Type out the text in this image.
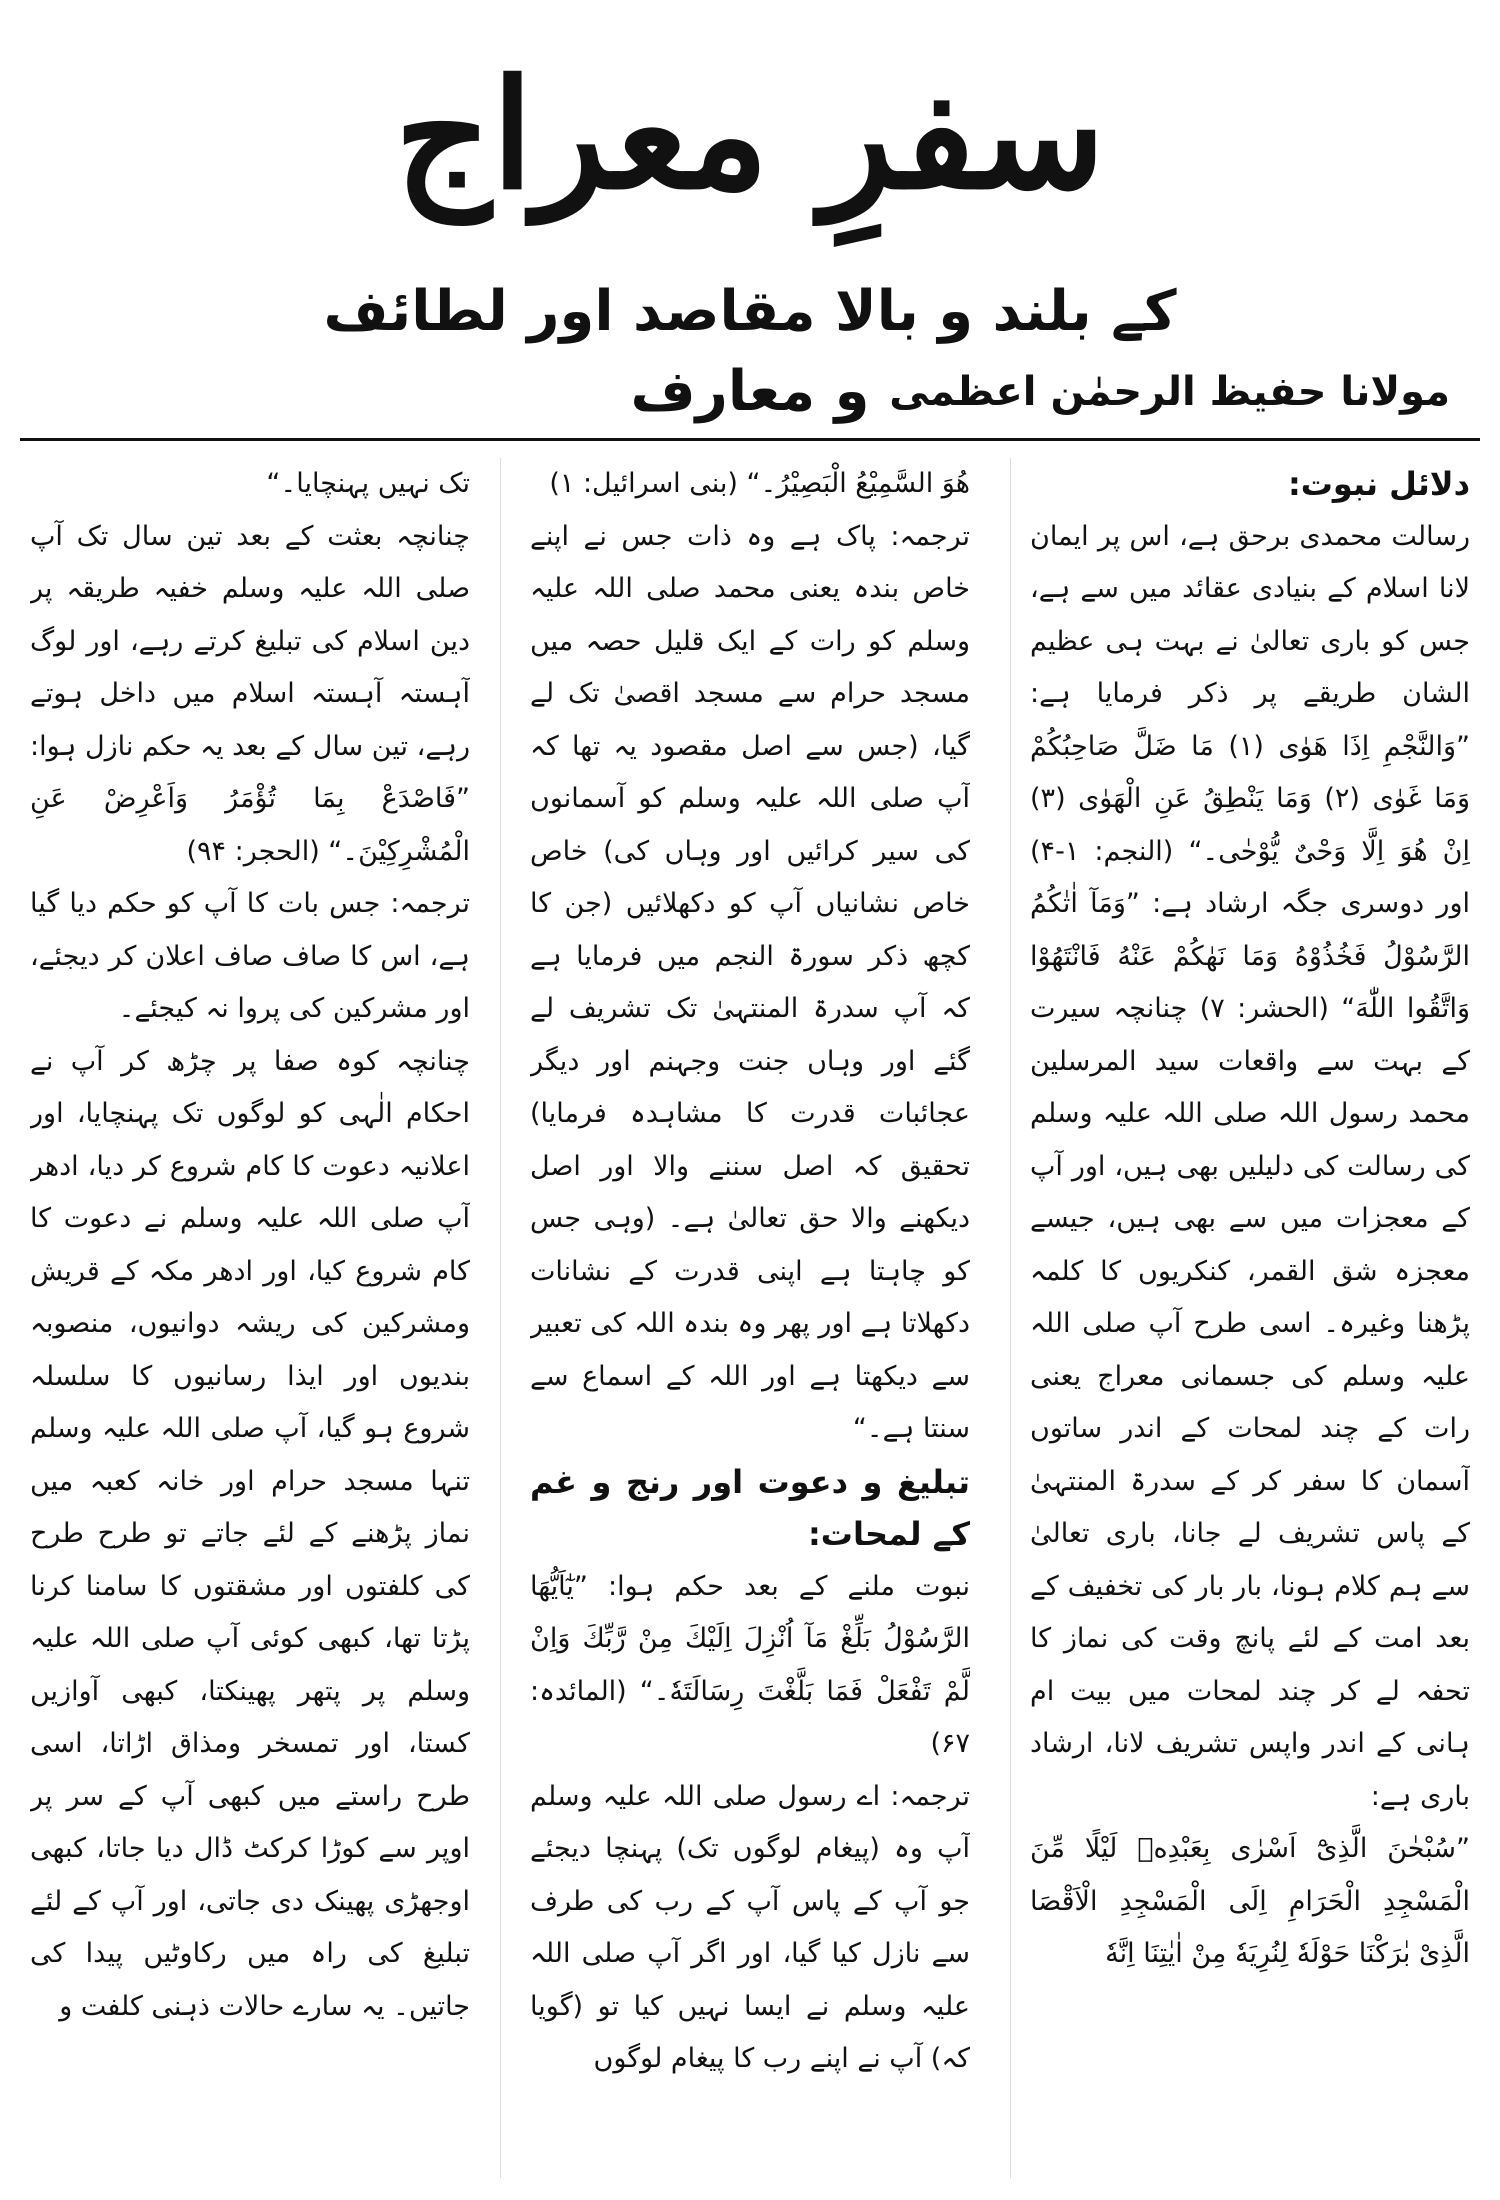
سفرِ معراج
کے بلند و بالا مقاصد اور لطائف و معارف مولانا حفیظ الرحمٰن اعظمی

دلائل نبوت:

رسالت محمدی برحق ہے، اس پر ایمان لانا اسلام کے بنیادی عقائد میں سے ہے، جس کو باری تعالیٰ نے بہت ہی عظیم الشان طریقے پر ذکر فرمایا ہے: ”وَالنَّجْمِ اِذَا هَوٰى (۱) مَا ضَلَّ صَاحِبُكُمْ وَمَا غَوٰى (۲) وَمَا يَنْطِقُ عَنِ الْهَوٰى (۳) اِنْ هُوَ اِلَّا وَحْیٌ يُّوْحٰى۔“ (النجم: ۱-۴) اور دوسری جگہ ارشاد ہے: ”وَمَآ اٰتٰكُمُ الرَّسُوْلُ فَخُذُوْهُ وَمَا نَهٰكُمْ عَنْهُ فَانْتَهُوْا وَاتَّقُوا اللّٰهَ“ (الحشر: ۷) چنانچہ سیرت کے بہت سے واقعات سید المرسلین محمد رسول اللہ صلی اللہ علیہ وسلم کی رسالت کی دلیلیں بھی ہیں، اور آپ کے معجزات میں سے بھی ہیں، جیسے معجزہ شق القمر، کنکریوں کا کلمہ پڑھنا وغیرہ۔ اسی طرح آپ صلی اللہ علیہ وسلم کی جسمانی معراج یعنی رات کے چند لمحات کے اندر ساتوں آسمان کا سفر کر کے سدرۃ المنتہیٰ کے پاس تشریف لے جانا، باری تعالیٰ سے ہم کلام ہونا، بار بار کی تخفیف کے بعد امت کے لئے پانچ وقت کی نماز کا تحفہ لے کر چند لمحات میں بیت ام ہانی کے اندر واپس تشریف لانا، ارشاد باری ہے:

”سُبْحٰنَ الَّذِیْٓ اَسْرٰى بِعَبْدِهٖ لَيْلًا مِّنَ الْمَسْجِدِ الْحَرَامِ اِلَى الْمَسْجِدِ الْاَقْصَا الَّذِیْ بٰرَكْنَا حَوْلَهٗ لِنُرِيَهٗ مِنْ اٰيٰتِنَا اِنَّهٗ

هُوَ السَّمِيْعُ الْبَصِيْرُ۔“ (بنی اسرائیل: ۱)

ترجمہ: پاک ہے وہ ذات جس نے اپنے خاص بندہ یعنی محمد صلی اللہ علیہ وسلم کو رات کے ایک قلیل حصہ میں مسجد حرام سے مسجد اقصیٰ تک لے گیا، (جس سے اصل مقصود یہ تھا کہ آپ صلی اللہ علیہ وسلم کو آسمانوں کی سیر کرائیں اور وہاں کی) خاص خاص نشانیاں آپ کو دکھلائیں (جن کا کچھ ذکر سورۃ النجم میں فرمایا ہے کہ آپ سدرۃ المنتہیٰ تک تشریف لے گئے اور وہاں جنت وجہنم اور دیگر عجائبات قدرت کا مشاہدہ فرمایا) تحقیق کہ اصل سننے والا اور اصل دیکھنے والا حق تعالیٰ ہے۔ (وہی جس کو چاہتا ہے اپنی قدرت کے نشانات دکھلاتا ہے اور پھر وہ بندہ اللہ کی تعبیر سے دیکھتا ہے اور اللہ کے اسماع سے سنتا ہے۔“

تبلیغ و دعوت اور رنج و غم کے لمحات:

نبوت ملنے کے بعد حکم ہوا: ”يٰٓاَيُّهَا الرَّسُوْلُ بَلِّغْ مَآ اُنْزِلَ اِلَيْكَ مِنْ رَّبِّكَ وَاِنْ لَّمْ تَفْعَلْ فَمَا بَلَّغْتَ رِسَالَتَهٗ۔“ (المائدہ: ۶۷)

ترجمہ: اے رسول صلی اللہ علیہ وسلم آپ وہ (پیغام لوگوں تک) پہنچا دیجئے جو آپ کے پاس آپ کے رب کی طرف سے نازل کیا گیا، اور اگر آپ صلی اللہ علیہ وسلم نے ایسا نہیں کیا تو (گویا کہ) آپ نے اپنے رب کا پیغام لوگوں

تک نہیں پہنچایا۔“

چنانچہ بعثت کے بعد تین سال تک آپ صلی اللہ علیہ وسلم خفیہ طریقہ پر دین اسلام کی تبلیغ کرتے رہے، اور لوگ آہستہ آہستہ اسلام میں داخل ہوتے رہے، تین سال کے بعد یہ حکم نازل ہوا: ”فَاصْدَعْ بِمَا تُؤْمَرُ وَاَعْرِضْ عَنِ الْمُشْرِكِيْنَ۔“ (الحجر: ۹۴)

ترجمہ: جس بات کا آپ کو حکم دیا گیا ہے، اس کا صاف صاف اعلان کر دیجئے، اور مشرکین کی پروا نہ کیجئے۔

چنانچہ کوہ صفا پر چڑھ کر آپ نے احکام الٰہی کو لوگوں تک پہنچایا، اور اعلانیہ دعوت کا کام شروع کر دیا، ادھر آپ صلی اللہ علیہ وسلم نے دعوت کا کام شروع کیا، اور ادھر مکہ کے قریش ومشرکین کی ریشہ دوانیوں، منصوبہ بندیوں اور ایذا رسانیوں کا سلسلہ شروع ہو گیا، آپ صلی اللہ علیہ وسلم تنہا مسجد حرام اور خانہ کعبہ میں نماز پڑھنے کے لئے جاتے تو طرح طرح کی کلفتوں اور مشقتوں کا سامنا کرنا پڑتا تھا، کبھی کوئی آپ صلی اللہ علیہ وسلم پر پتھر پھینکتا، کبھی آوازیں کستا، اور تمسخر ومذاق اڑاتا، اسی طرح راستے میں کبھی آپ کے سر پر اوپر سے کوڑا کرکٹ ڈال دیا جاتا، کبھی اوجھڑی پھینک دی جاتی، اور آپ کے لئے تبلیغ کی راہ میں رکاوٹیں پیدا کی جاتیں۔ یہ سارے حالات ذہنی کلفت و
